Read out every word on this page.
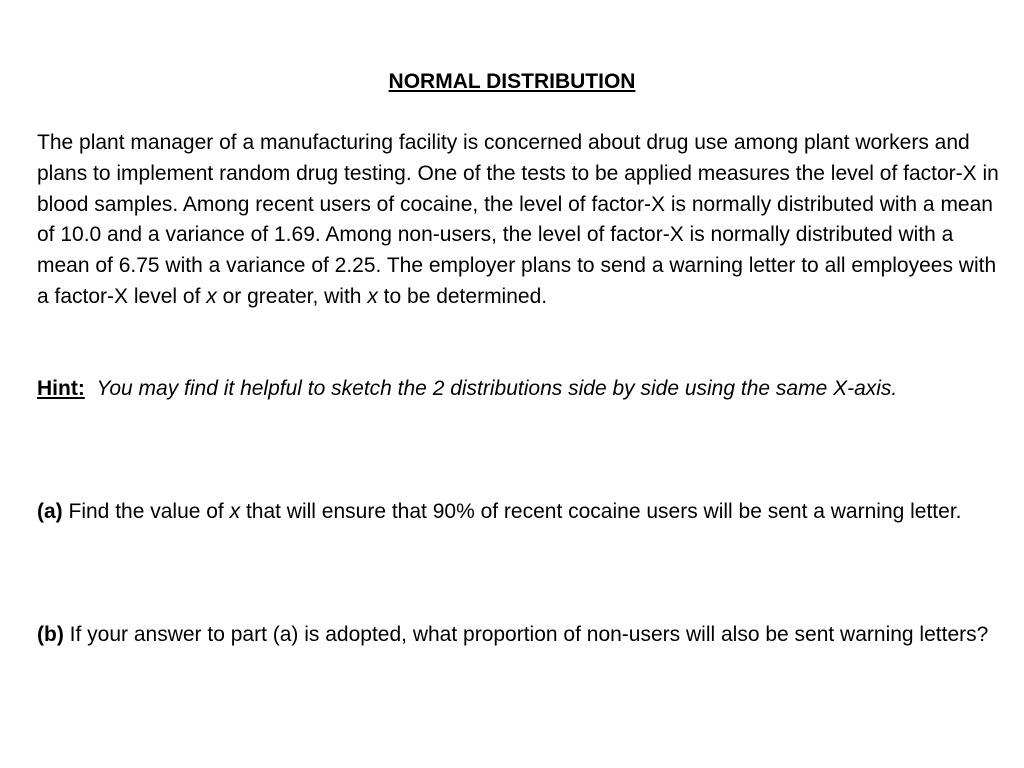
NORMAL DISTRIBUTION

The plant manager of a manufacturing facility is concerned about drug use among plant workers and plans to implement random drug testing. One of the tests to be applied measures the level of factor-X in blood samples. Among recent users of cocaine, the level of factor-X is normally distributed with a mean of 10.0 and a variance of 1.69. Among non-users, the level of factor-X is normally distributed with a mean of 6.75 with a variance of 2.25. The employer plans to send a warning letter to all employees with a factor-X level of x or greater, with x to be determined.

Hint: You may find it helpful to sketch the 2 distributions side by side using the same X-axis.

(a) Find the value of x that will ensure that 90% of recent cocaine users will be sent a warning letter.

(b) If your answer to part (a) is adopted, what proportion of non-users will also be sent warning letters?
